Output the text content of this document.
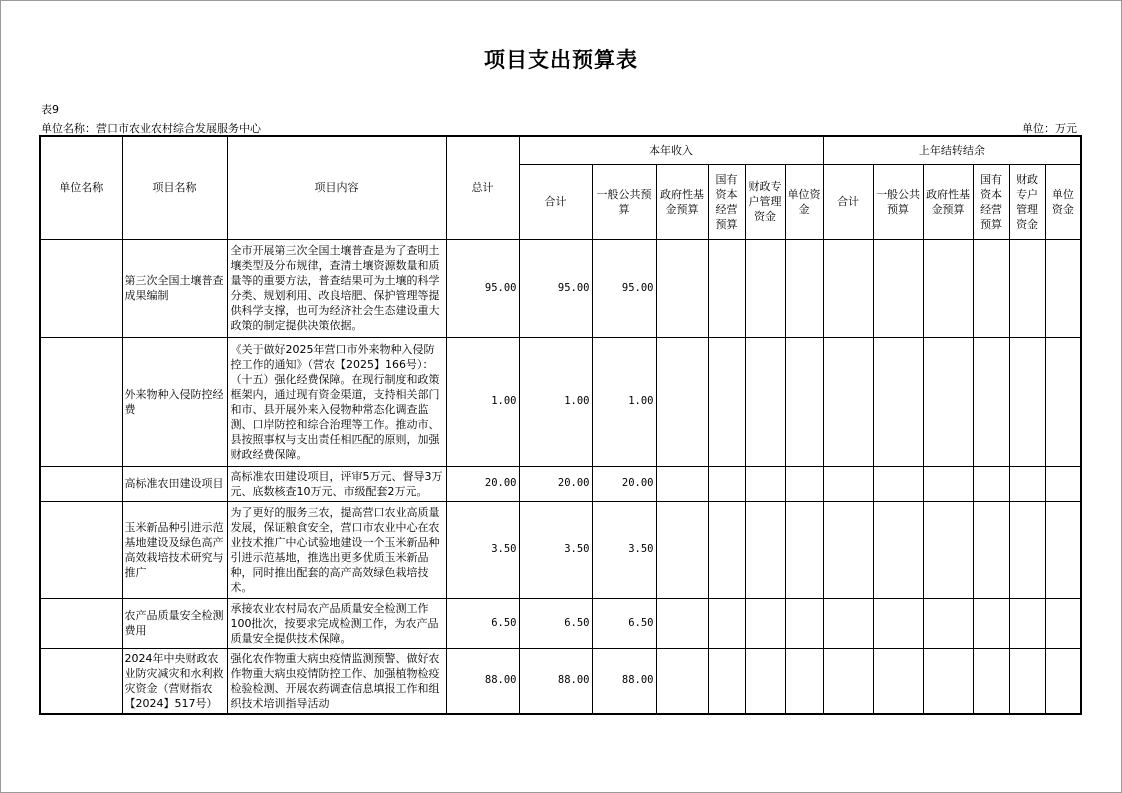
项目支出预算表
表9
单位名称：营口市农业农村综合发展服务中心	单位：万元
单位名称	项目名称	项目内容	总计	本年收入						上年结转结余					
				合计	一般公共预算	政府性基金预算	国有资本经营预算	财政专户管理资金	单位资金	合计	一般公共预算	政府性基金预算	国有资本经营预算	财政专户管理资金	单位资金
	第三次全国土壤普查成果编制	全市开展第三次全国土壤普查是为了查明土壤类型及分布规律，查清土壤资源数量和质量等的重要方法，普查结果可为土壤的科学分类、规划利用、改良培肥、保护管理等提供科学支撑，也可为经济社会生态建设重大政策的制定提供决策依据。	95.00	95.00	95.00										
	外来物种入侵防控经费	《关于做好2025年营口市外来物种入侵防控工作的通知》（营农【2025】166号）：（十五）强化经费保障。在现行制度和政策框架内，通过现有资金渠道，支持相关部门和市、县开展外来入侵物种常态化调查监测、口岸防控和综合治理等工作。推动市、县按照事权与支出责任相匹配的原则，加强财政经费保障。	1.00	1.00	1.00										
	高标准农田建设项目	高标准农田建设项目，评审5万元、督导3万元、底数核查10万元、市级配套2万元。	20.00	20.00	20.00										
	玉米新品种引进示范基地建设及绿色高产高效栽培技术研究与推广	为了更好的服务三农，提高营口农业高质量发展，保证粮食安全，营口市农业中心在农业技术推广中心试验地建设一个玉米新品种引进示范基地，推选出更多优质玉米新品种，同时推出配套的高产高效绿色栽培技术。	3.50	3.50	3.50										
	农产品质量安全检测费用	承接农业农村局农产品质量安全检测工作100批次，按要求完成检测工作，为农产品质量安全提供技术保障。	6.50	6.50	6.50										
	2024年中央财政农业防灾减灾和水利救灾资金（营财指农【2024】517号）	强化农作物重大病虫疫情监测预警、做好农作物重大病虫疫情防控工作、加强植物检疫检验检测、开展农药调查信息填报工作和组织技术培训指导活动	88.00	88.00	88.00										
